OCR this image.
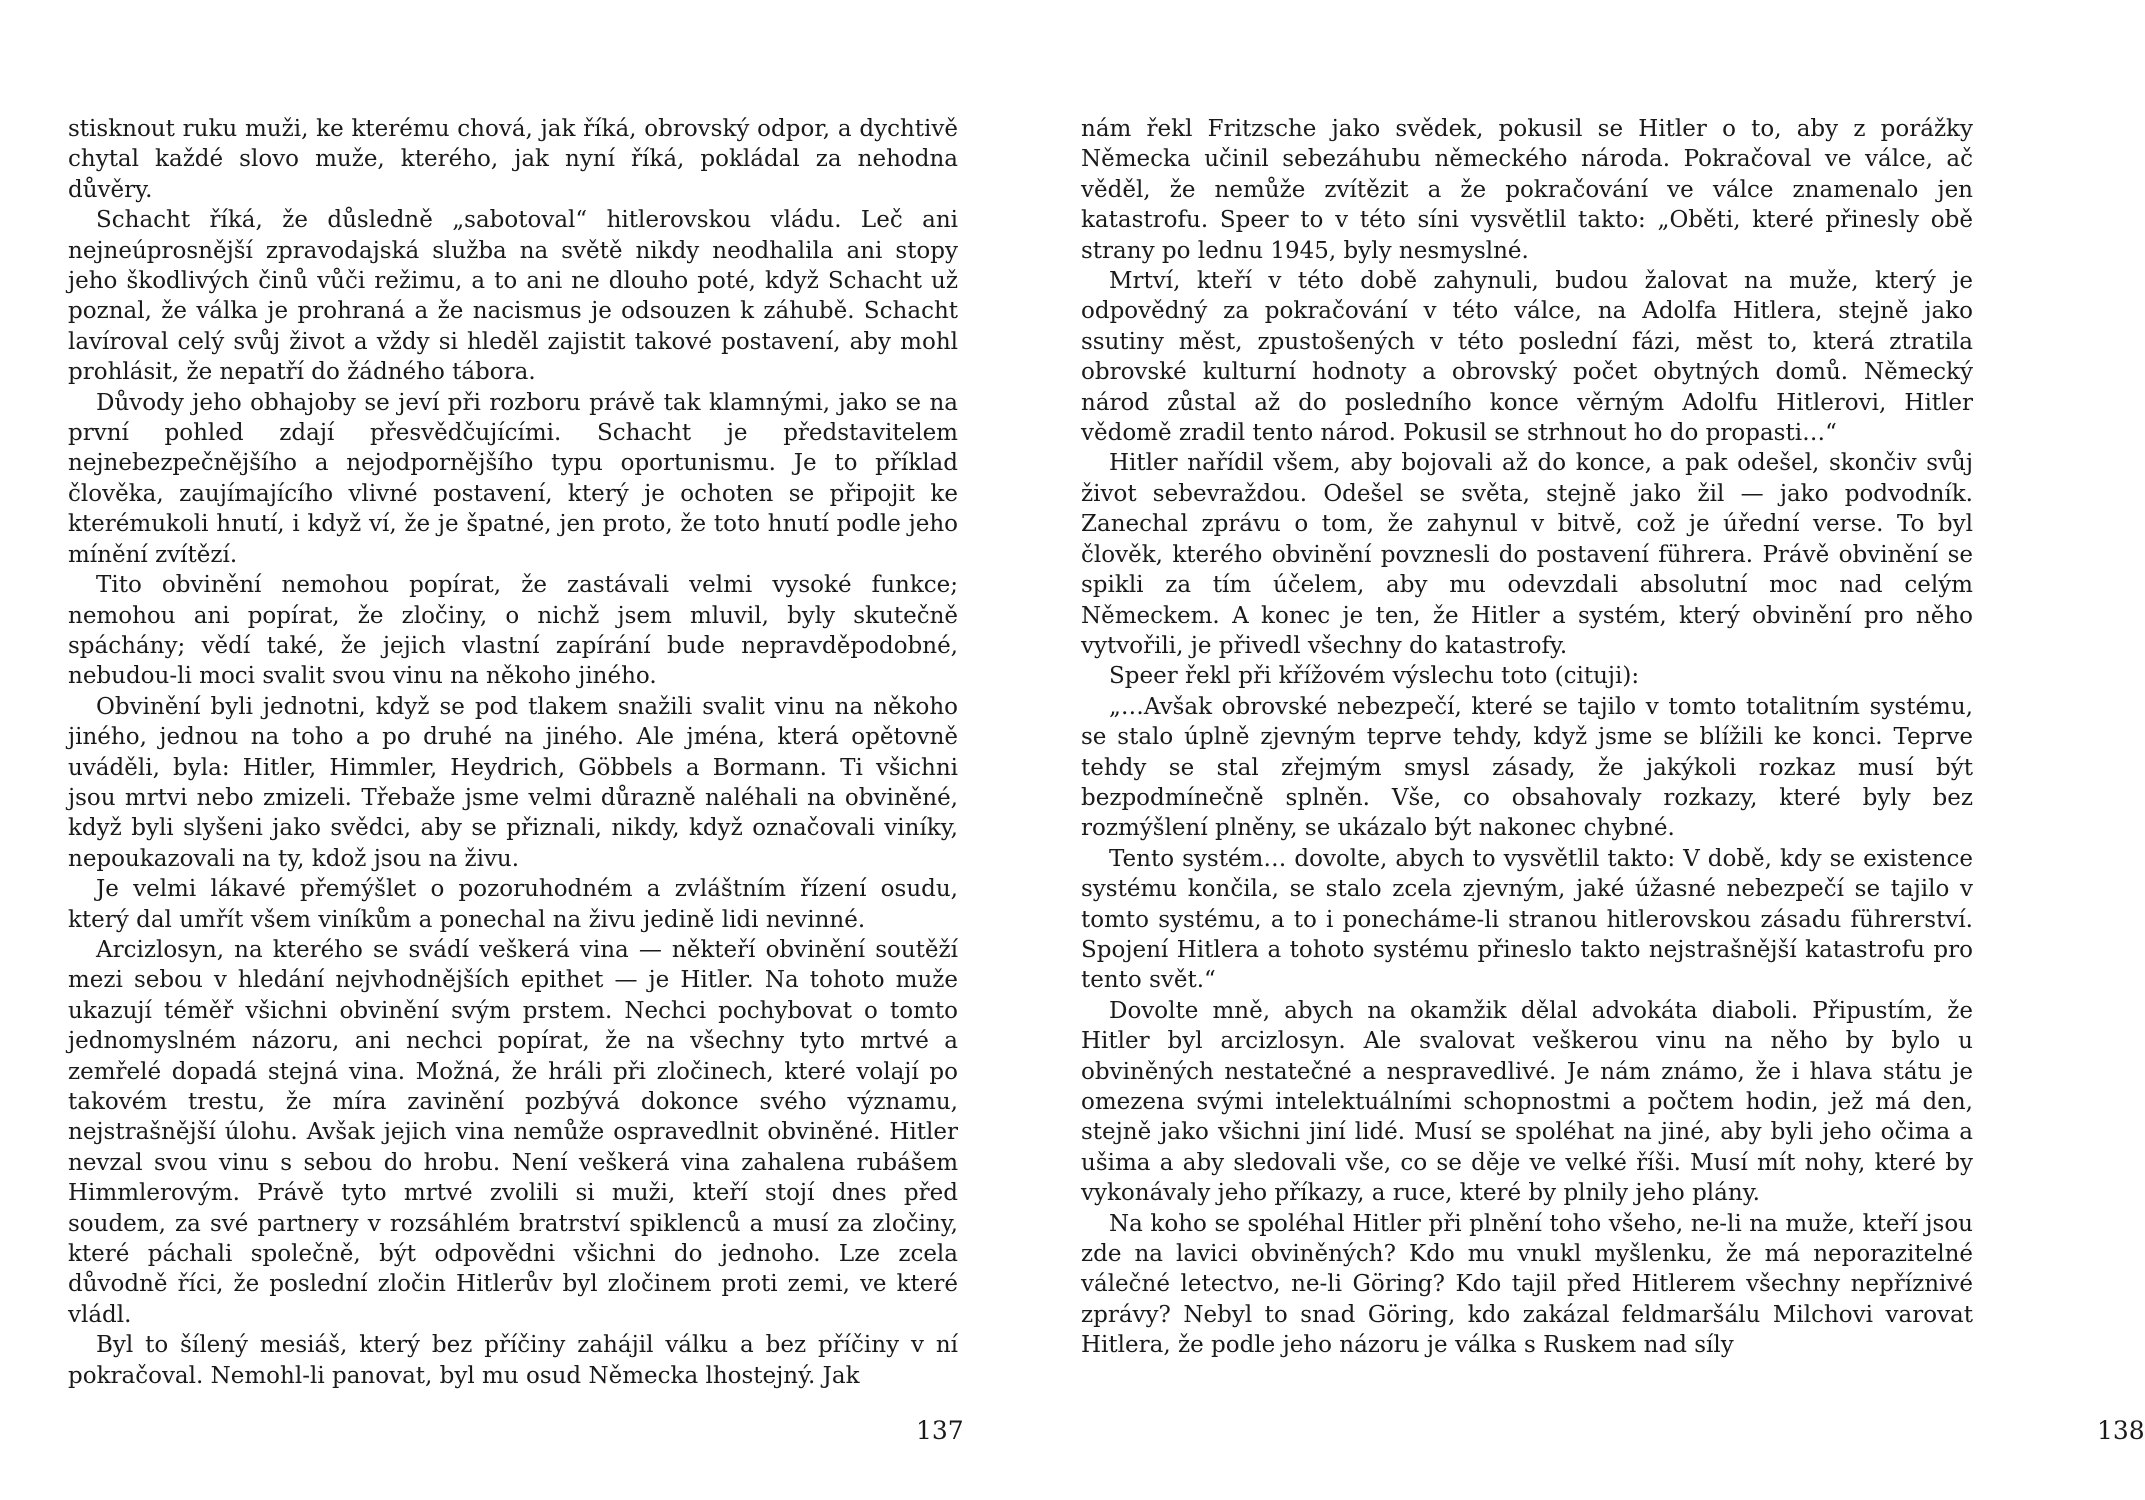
stisknout ruku muži, ke kterému chová, jak říká, obrovský odpor, a dychtivě chytal každé slovo muže, kterého, jak nyní říká, pokládal za nehodna důvěry.

Schacht říká, že důsledně „sabotoval“ hitlerovskou vládu. Leč ani nejneúprosnější zpravodajská služba na světě nikdy neodhalila ani stopy jeho škodlivých činů vůči režimu, a to ani ne dlouho poté, když Schacht už poznal, že válka je prohraná a že nacismus je odsouzen k záhubě. Schacht lavíroval celý svůj život a vždy si hleděl zajistit takové postavení, aby mohl prohlásit, že nepatří do žádného tábora.

Důvody jeho obhajoby se jeví při rozboru právě tak klamnými, jako se na první pohled zdají přesvědčujícími. Schacht je představitelem nejnebezpečnějšího a nejodpornějšího typu oportunismu. Je to příklad člověka, zaujímajícího vlivné postavení, který je ochoten se připojit ke kterémukoli hnutí, i když ví, že je špatné, jen proto, že toto hnutí podle jeho mínění zvítězí.

Tito obvinění nemohou popírat, že zastávali velmi vysoké funkce; nemohou ani popírat, že zločiny, o nichž jsem mluvil, byly skutečně spáchány; vědí také, že jejich vlastní zapírání bude nepravděpodobné, nebudou-li moci svalit svou vinu na někoho jiného.

Obvinění byli jednotni, když se pod tlakem snažili svalit vinu na někoho jiného, jednou na toho a po druhé na jiného. Ale jména, která opětovně uváděli, byla: Hitler, Himmler, Heydrich, Göbbels a Bormann. Ti všichni jsou mrtvi nebo zmizeli. Třebaže jsme velmi důrazně naléhali na obviněné, když byli slyšeni jako svědci, aby se přiznali, nikdy, když označovali viníky, nepoukazovali na ty, kdož jsou na živu.

Je velmi lákavé přemýšlet o pozoruhodném a zvláštním řízení osudu, který dal umřít všem viníkům a ponechal na živu jedině lidi nevinné.

Arcizlosyn, na kterého se svádí veškerá vina — někteří obvinění soutěží mezi sebou v hledání nejvhodnějších epithet — je Hitler. Na tohoto muže ukazují téměř všichni obvinění svým prstem. Nechci pochybovat o tomto jednomyslném názoru, ani nechci popírat, že na všechny tyto mrtvé a zemřelé dopadá stejná vina. Možná, že hráli při zločinech, které volají po takovém trestu, že míra zavinění pozbývá dokonce svého významu, nejstrašnější úlohu. Avšak jejich vina nemůže ospravedlnit obviněné. Hitler nevzal svou vinu s sebou do hrobu. Není veškerá vina zahalena rubášem Himmlerovým. Právě tyto mrtvé zvolili si muži, kteří stojí dnes před soudem, za své partnery v rozsáhlém bratrství spiklenců a musí za zločiny, které páchali společně, být odpovědni všichni do jednoho. Lze zcela důvodně říci, že poslední zločin Hitlerův byl zločinem proti zemi, ve které vládl.

Byl to šílený mesiáš, který bez příčiny zahájil válku a bez příčiny v ní pokračoval. Nemohl-li panovat, byl mu osud Německa lhostejný. Jak

137

nám řekl Fritzsche jako svědek, pokusil se Hitler o to, aby z porážky Německa učinil sebezáhubu německého národa. Pokračoval ve válce, ač věděl, že nemůže zvítězit a že pokračování ve válce znamenalo jen katastrofu. Speer to v této síni vysvětlil takto: „Oběti, které přinesly obě strany po lednu 1945, byly nesmyslné.

Mrtví, kteří v této době zahynuli, budou žalovat na muže, který je odpovědný za pokračování v této válce, na Adolfa Hitlera, stejně jako ssutiny měst, zpustošených v této poslední fázi, měst to, která ztratila obrovské kulturní hodnoty a obrovský počet obytných domů. Německý národ zůstal až do posledního konce věrným Adolfu Hitlerovi, Hitler vědomě zradil tento národ. Pokusil se strhnout ho do propasti…“

Hitler nařídil všem, aby bojovali až do konce, a pak odešel, skončiv svůj život sebevraždou. Odešel se světa, stejně jako žil — jako podvodník. Zanechal zprávu o tom, že zahynul v bitvě, což je úřední verse. To byl člověk, kterého obvinění povznesli do postavení führera. Právě obvinění se spikli za tím účelem, aby mu odevzdali absolutní moc nad celým Německem. A konec je ten, že Hitler a systém, který obvinění pro něho vytvořili, je přivedl všechny do katastrofy.

Speer řekl při křížovém výslechu toto (cituji):

„…Avšak obrovské nebezpečí, které se tajilo v tomto totalitním systému, se stalo úplně zjevným teprve tehdy, když jsme se blížili ke konci. Teprve tehdy se stal zřejmým smysl zásady, že jakýkoli rozkaz musí být bezpodmínečně splněn. Vše, co obsahovaly rozkazy, které byly bez rozmýšlení plněny, se ukázalo být nakonec chybné.

Tento systém… dovolte, abych to vysvětlil takto: V době, kdy se existence systému končila, se stalo zcela zjevným, jaké úžasné nebezpečí se tajilo v tomto systému, a to i ponecháme-li stranou hitlerovskou zásadu führerství. Spojení Hitlera a tohoto systému přineslo takto nejstrašnější katastrofu pro tento svět.“

Dovolte mně, abych na okamžik dělal advokáta diaboli. Připustím, že Hitler byl arcizlosyn. Ale svalovat veškerou vinu na něho by bylo u obviněných nestatečné a nespravedlivé. Je nám známo, že i hlava státu je omezena svými intelektuálními schopnostmi a počtem hodin, jež má den, stejně jako všichni jiní lidé. Musí se spoléhat na jiné, aby byli jeho očima a ušima a aby sledovali vše, co se děje ve velké říši. Musí mít nohy, které by vykonávaly jeho příkazy, a ruce, které by plnily jeho plány.

Na koho se spoléhal Hitler při plnění toho všeho, ne-li na muže, kteří jsou zde na lavici obviněných? Kdo mu vnukl myšlenku, že má neporazitelné válečné letectvo, ne-li Göring? Kdo tajil před Hitlerem všechny nepříznivé zprávy? Nebyl to snad Göring, kdo zakázal feldmaršálu Milchovi varovat Hitlera, že podle jeho názoru je válka s Ruskem nad síly

138
